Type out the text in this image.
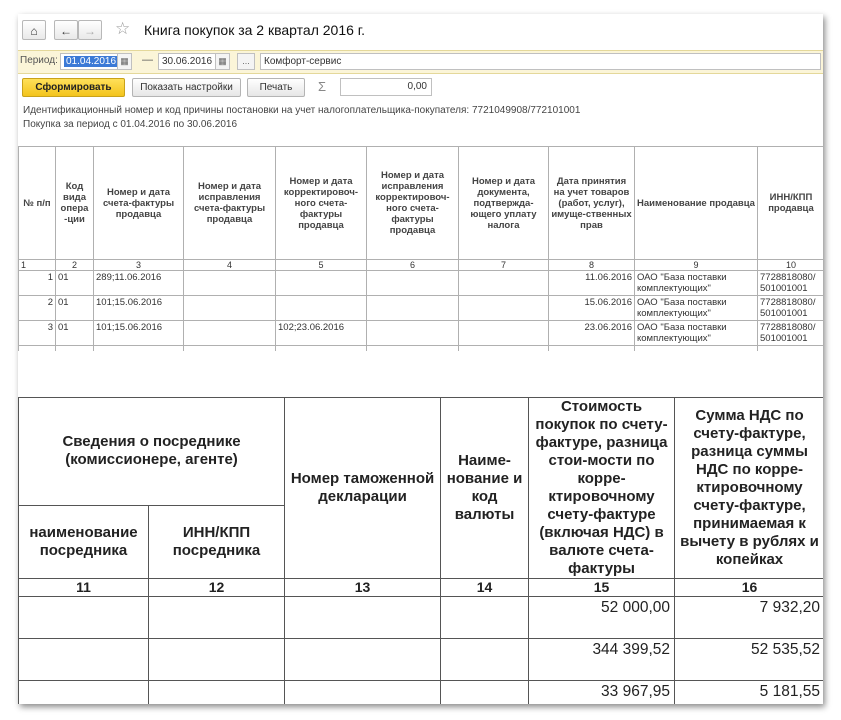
⌂	←	→	☆ Книга покупок за 2 квартал 2016 г.
Период: 01.04.2016 ▦ — 30.06.2016 ▦	...	Комфорт-сервис
Сформировать	Показать настройки	Печать	Σ	0,00
Идентификационный номер и код причины постановки на учет налогоплательщика-покупателя: 7721049908/772101001
Покупка за период с 01.04.2016 по 30.06.2016
№ п/п	Код вида опера -ции	Номер и дата счета-фактуры продавца	Номер и дата исправления счета-фактуры продавца	Номер и дата корректировоч-ного счета-фактуры продавца	Номер и дата исправления корректировоч-ного счета-фактуры продавца	Номер и дата документа, подтвержда-ющего уплату налога	Дата принятия на учет товаров (работ, услуг), имуще-ственных прав	Наименование продавца	ИНН/КПП продавца
1	2	3	4	5	6	7	8	9	10
1	01	289;11.06.2016					11.06.2016	ОАО "База поставки комплектующих"	7728818080/ 501001001
2	01	101;15.06.2016					15.06.2016	ОАО "База поставки комплектующих"	7728818080/ 501001001
3	01	101;15.06.2016		102;23.06.2016			23.06.2016	ОАО "База поставки комплектующих"	7728818080/ 501001001

Сведения о посреднике (комиссионере, агенте)		Номер таможенной декларации	Наиме-нование и код валюты	Стоимость покупок по счету-фактуре, разница стои-мости по корре-ктировочному счету-фактуре (включая НДС) в валюте счета-фактуры	Сумма НДС по счету-фактуре, разница суммы НДС по корре-ктировочному счету-фактуре, принимаемая к вычету в рублях и копейках
наименование посредника	ИНН/КПП посредника				
11	12	13	14	15	16
				52 000,00	7 932,20
				344 399,52	52 535,52
				33 967,95	5 181,55
